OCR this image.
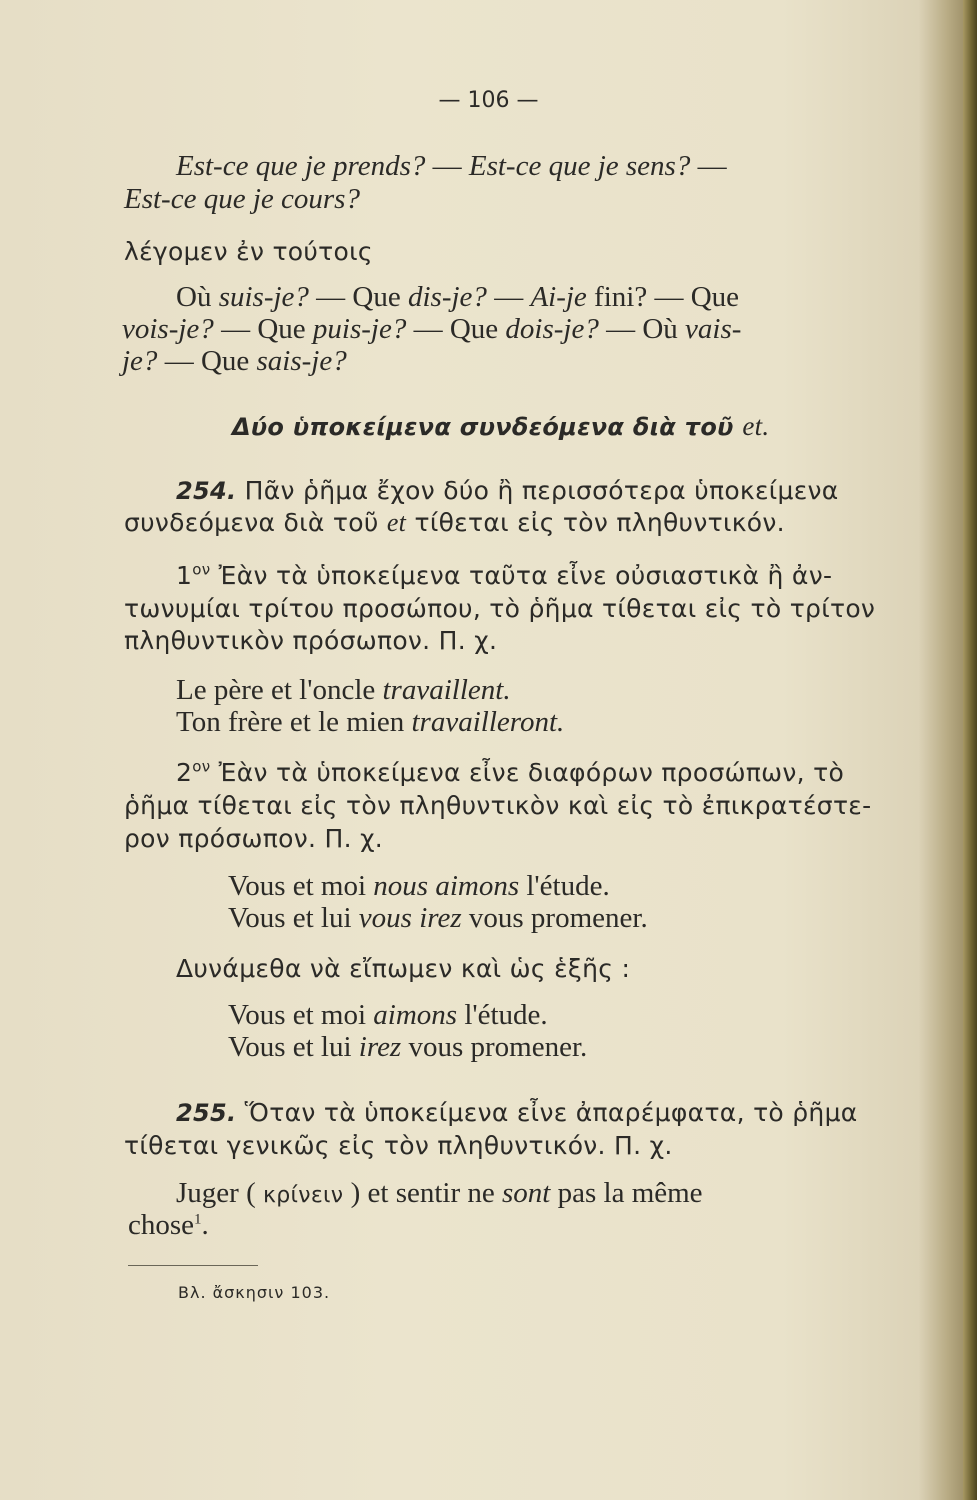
— 106 —
Est-ce que je prends? — Est-ce que je sens? —
Est-ce que je cours?
λέγομεν ἐν τούτοις
Où suis-je? — Que dis-je? — Ai-je fini? — Que
vois-je? — Que puis-je? — Que dois-je? — Où vais-
je? — Que sais-je?
Δύο ὑποκείμενα συνδεόμενα διὰ τοῦ et.
254. Πᾶν ῥῆμα ἔχον δύο ἢ περισσότερα ὑποκείμενα
συνδεόμενα διὰ τοῦ et τίθεται εἰς τὸν πληθυντικόν.
$1^{o\nu}$ Ἐὰν τὰ ὑποκείμενα ταῦτα εἶνε οὐσιαστικὰ ἢ ἀν-
τωνυμίαι τρίτου προσώπου, τὸ ῥῆμα τίθεται εἰς τὸ τρίτον
πληθυντικὸν πρόσωπον. Π. χ.
Le père et l'oncle travaillent.
Ton frère et le mien travailleront.
$2^{o\nu}$ Ἐὰν τὰ ὑποκείμενα εἶνε διαφόρων προσώπων, τὸ
ῥῆμα τίθεται εἰς τὸν πληθυντικὸν καὶ εἰς τὸ ἐπικρατέστε-
ρον πρόσωπον. Π. χ.
Vous et moi nous aimons l'étude.
Vous et lui vous irez vous promener.
Δυνάμεθα νὰ εἴπωμεν καὶ ὡς ἑξῆς :
Vous et moi aimons l'étude.
Vous et lui irez vous promener.
255. Ὅταν τὰ ὑποκείμενα εἶνε ἀπαρέμφατα, τὸ ῥῆμα
τίθεται γενικῶς εἰς τὸν πληθυντικόν. Π. χ.
Juger ( κρίνειν ) et sentir ne sont pas la même
chose$^1$.
Βλ. ἄσκησιν 103.
